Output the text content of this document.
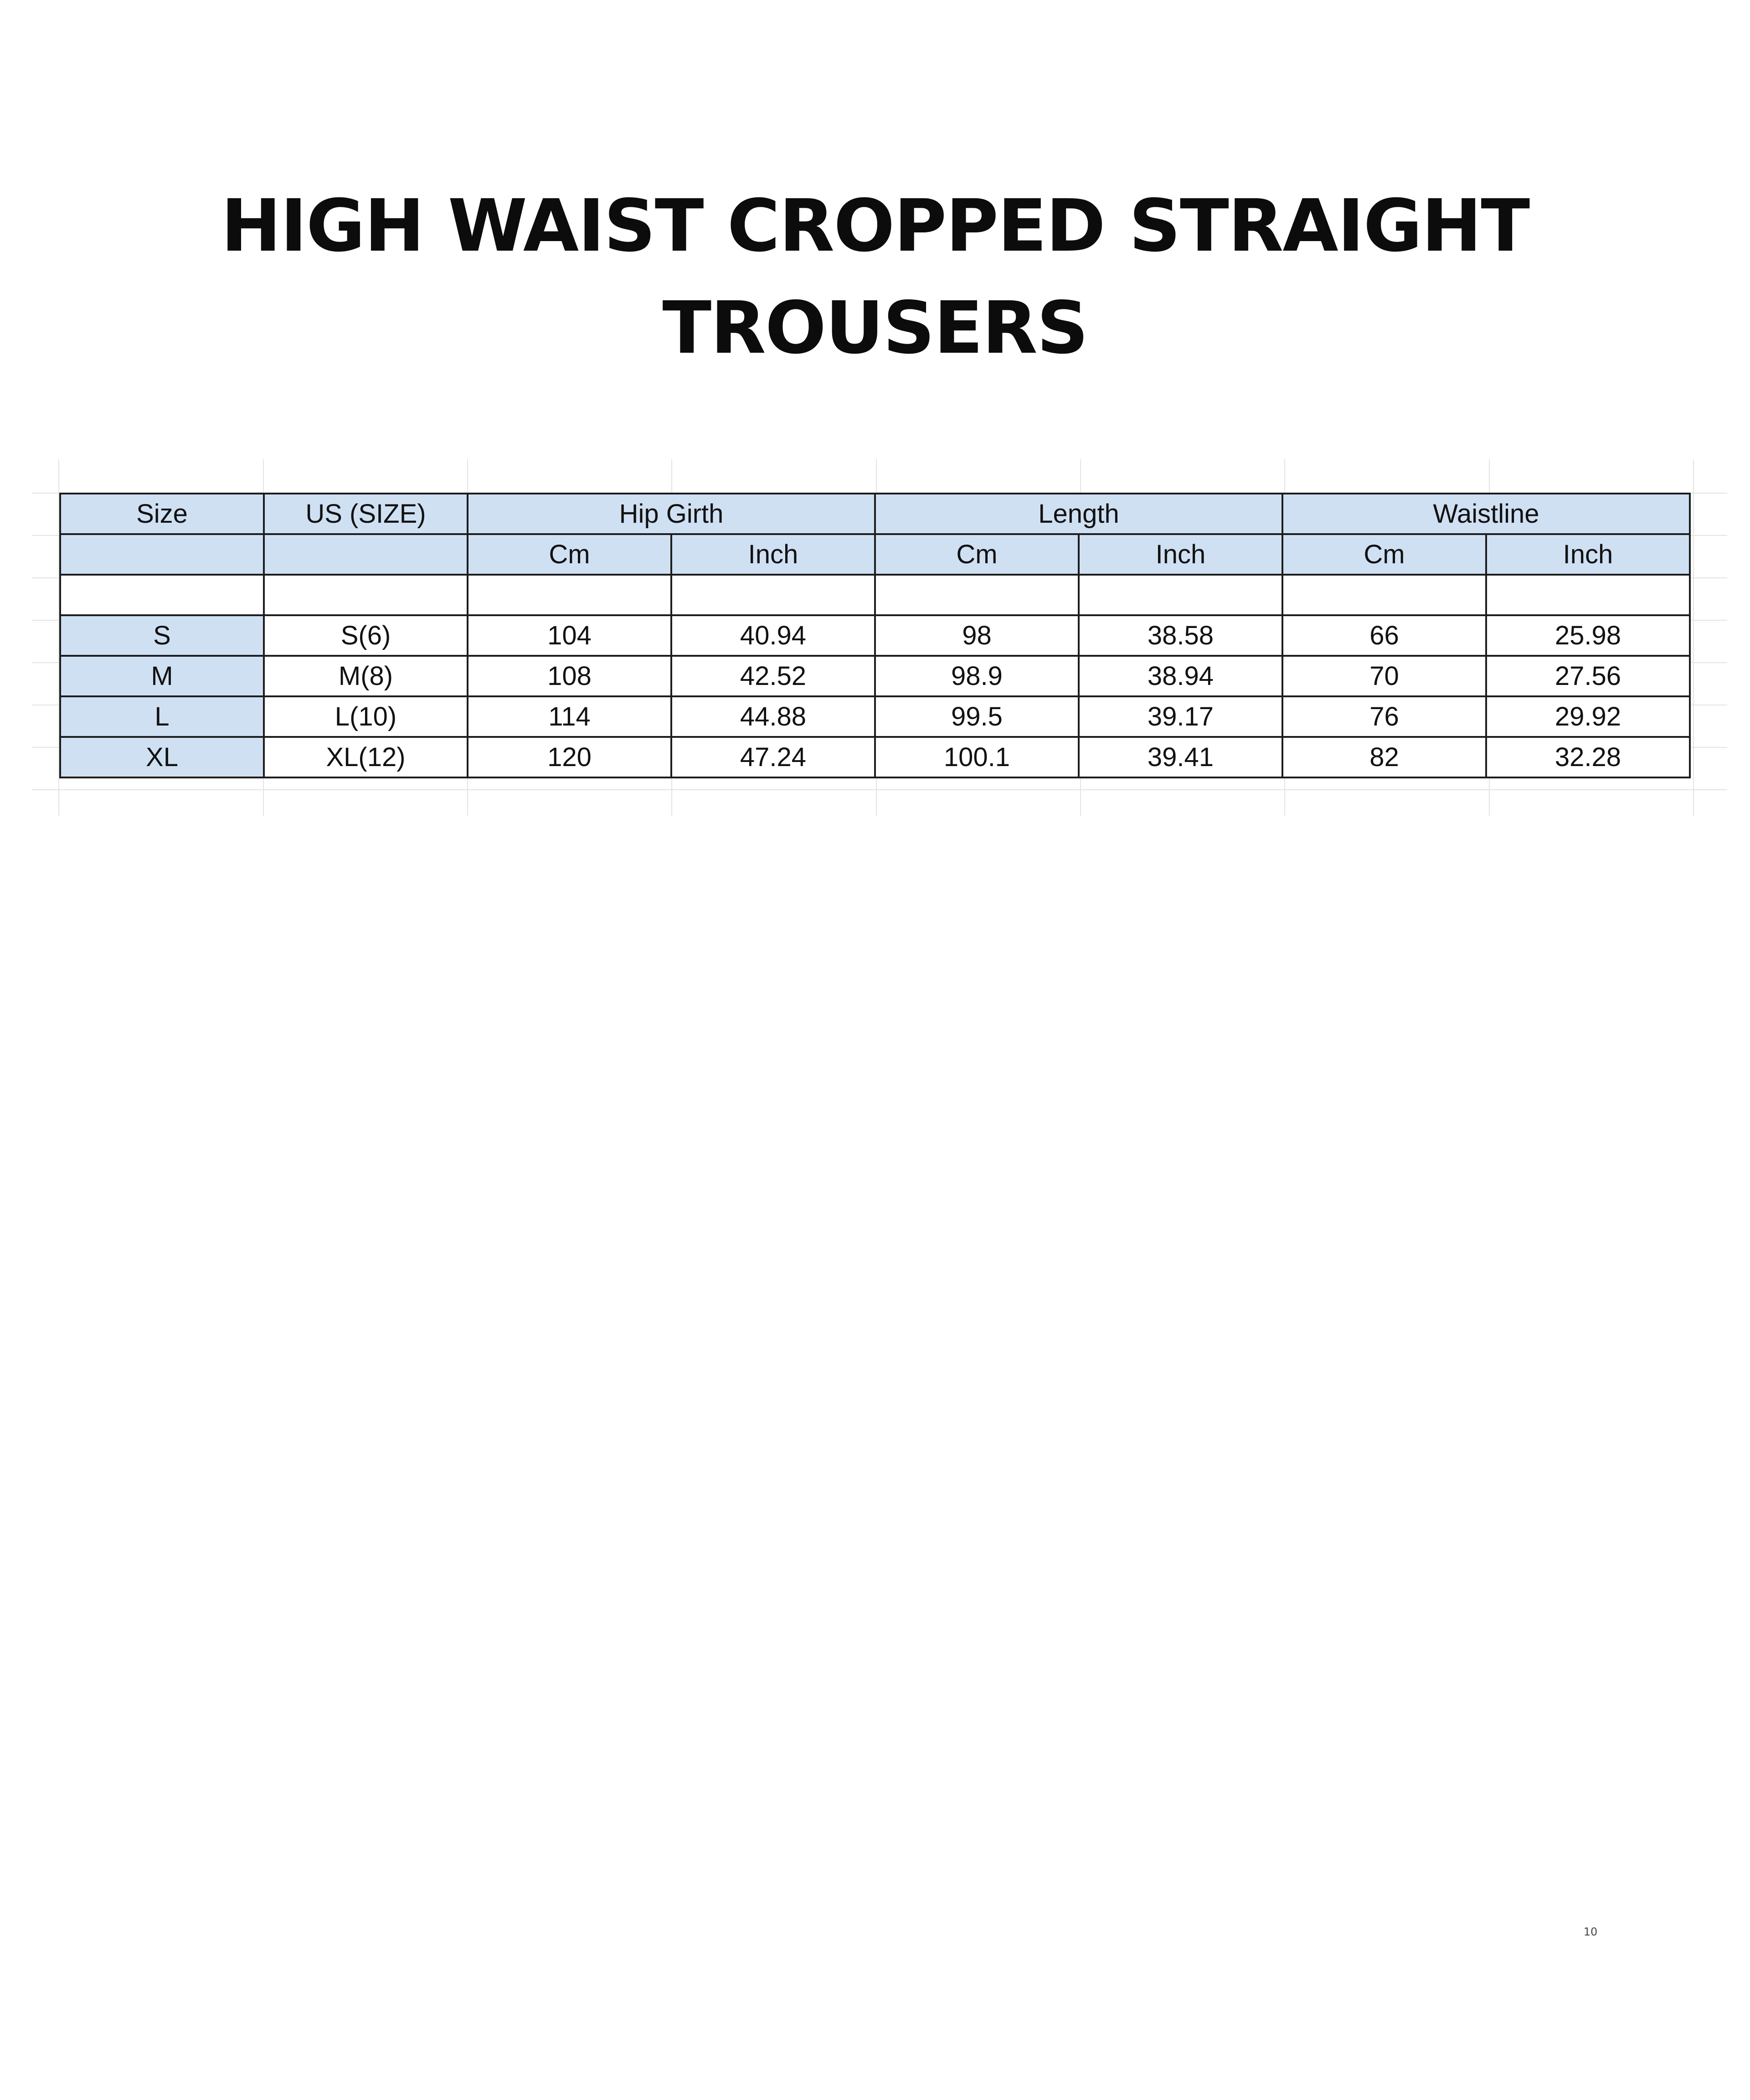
HIGH WAIST CROPPED STRAIGHT
TROUSERS
Size	US (SIZE)	Hip Girth		Length		Waistline	
		Cm	Inch	Cm	Inch	Cm	Inch

S	S(6)	104	40.94	98	38.58	66	25.98
M	M(8)	108	42.52	98.9	38.94	70	27.56
L	L(10)	114	44.88	99.5	39.17	76	29.92
XL	XL(12)	120	47.24	100.1	39.41	82	32.28
10
